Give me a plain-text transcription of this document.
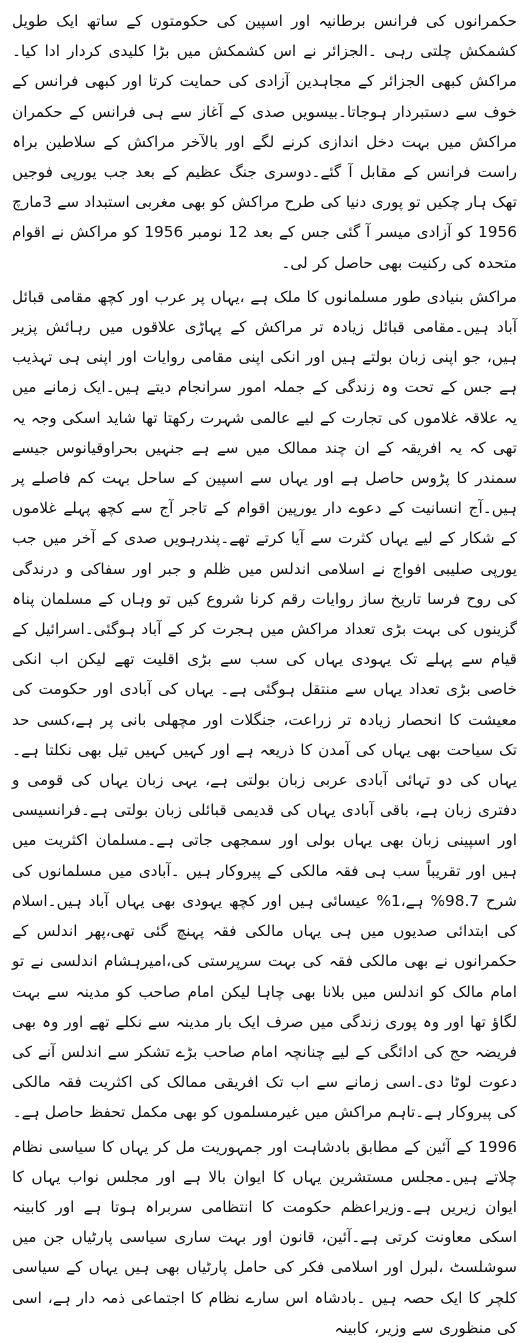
حکمرانوں کی فرانس برطانیہ اور اسپین کی حکومتوں کے ساتھ ایک طویل کشمکش چلتی رہی ۔الجزائر نے اس کشمکش میں بڑا کلیدی کردار ادا کیا۔مراکش کبھی الجزائر کے مجاہدین آزادی کی حمایت کرتا اور کبھی فرانس کے خوف سے دستبردار ہوجاتا۔بیسویں صدی کے آغاز سے ہی فرانس کے حکمران مراکش میں بہت دخل اندازی کرنے لگے اور بالآخر مراکش کے سلاطین براہ راست فرانس کے مقابل آ گئے۔دوسری جنگ عظیم کے بعد جب یورپی فوجیں تھک ہار چکیں تو پوری دنیا کی طرح مراکش کو بھی مغربی استبداد سے 3مارچ 1956 کو آزادی میسر آ گئی جس کے بعد 12 نومبر 1956 کو مراکش نے اقوام متحدہ کی رکنیت بھی حاصل کر لی۔

مراکش بنیادی طور مسلمانوں کا ملک ہے ،یہاں پر عرب اور کچھ مقامی قبائل آباد ہیں۔مقامی قبائل زیادہ تر مراکش کے پہاڑی علاقوں میں رہائش پزیر ہیں، جو اپنی زبان بولتے ہیں اور انکی اپنی مقامی روایات اور اپنی ہی تہذیب ہے جس کے تحت وہ زندگی کے جملہ امور سرانجام دیتے ہیں۔ایک زمانے میں یہ علاقہ غلاموں کی تجارت کے لیے عالمی شہرت رکھتا تھا شاید اسکی وجہ یہ تھی کہ یہ افریقہ کے ان چند ممالک میں سے ہے جنہیں بحراوقیانوس جیسے سمندر کا پڑوس حاصل ہے اور یہاں سے اسپین کے ساحل بہت کم فاصلے پر ہیں۔آج انسانیت کے دعوے دار یورپین اقوام کے تاجر آج سے کچھ پہلے غلاموں کے شکار کے لیے یہاں کثرت سے آیا کرتے تھے۔پندرہویں صدی کے آخر میں جب یورپی صلیبی افواج نے اسلامی اندلس میں ظلم و جبر اور سفاکی و درندگی کی روح فرسا تاریخ ساز روایات رقم کرنا شروع کیں تو وہاں کے مسلمان پناہ گزینوں کی بہت بڑی تعداد مراکش میں ہجرت کر کے آباد ہوگئی۔اسرائیل کے قیام سے پہلے تک یہودی یہاں کی سب سے بڑی اقلیت تھے لیکن اب انکی خاصی بڑی تعداد یہاں سے منتقل ہوگئی ہے۔ یہاں کی آبادی اور حکومت کی معیشت کا انحصار زیادہ تر زراعت، جنگلات اور مچھلی بانی پر ہے،کسی حد تک سیاحت بھی یہاں کی آمدن کا ذریعہ ہے اور کہیں کہیں تیل بھی نکلتا ہے۔یہاں کی دو تہائی آبادی عربی زبان بولتی ہے، یہی زبان یہاں کی قومی و دفتری زبان ہے، باقی آبادی یہاں کی قدیمی قبائلی زبان بولتی ہے۔فرانسیسی اور اسپینی زبان بھی یہاں بولی اور سمجھی جاتی ہے۔مسلمان اکثریت میں ہیں اور تقریباً سب ہی فقہ مالکی کے پیروکار ہیں ۔آبادی میں مسلمانوں کی شرح 98.7% ہے،1% عیسائی ہیں اور کچھ یہودی بھی یہاں آباد ہیں۔اسلام کی ابتدائی صدیوں میں ہی یہاں مالکی فقہ پہنچ گئی تھی،پھر اندلس کے حکمرانوں نے بھی مالکی فقہ کی بہت سرپرستی کی،امیرہشام اندلسی نے تو امام مالک کو اندلس میں بلانا بھی چاہا لیکن امام صاحب کو مدینہ سے بہت لگاؤ تھا اور وہ پوری زندگی میں صرف ایک بار مدینہ سے نکلے تھے اور وہ بھی فریضہ حج کی ادائگی کے لیے چنانچہ امام صاحب بڑے تشکر سے اندلس آنے کی دعوت لوٹا دی۔اسی زمانے سے اب تک افریقی ممالک کی اکثریت فقہ مالکی کی پیروکار ہے۔تاہم مراکش میں غیرمسلموں کو بھی مکمل تحفظ حاصل ہے۔

1996 کے آئین کے مطابق بادشاہت اور جمہوریت مل کر یہاں کا سیاسی نظام چلاتے ہیں۔مجلس مستشرین یہاں کا ایوان بالا ہے اور مجلس نواب یہاں کا ایوان زیریں ہے۔وزیراعظم حکومت کا انتظامی سربراہ ہوتا ہے اور کابینہ اسکی معاونت کرتی ہے۔آئین، قانون اور بہت ساری سیاسی پارٹیاں جن میں سوشلسٹ ،لبرل اور اسلامی فکر کی حامل پارٹیاں بھی ہیں یہاں کے سیاسی کلچر کا ایک حصہ ہیں ۔بادشاہ اس سارے نظام کا اجتماعی ذمہ دار ہے، اسی کی منظوری سے وزیر، کابینہ
